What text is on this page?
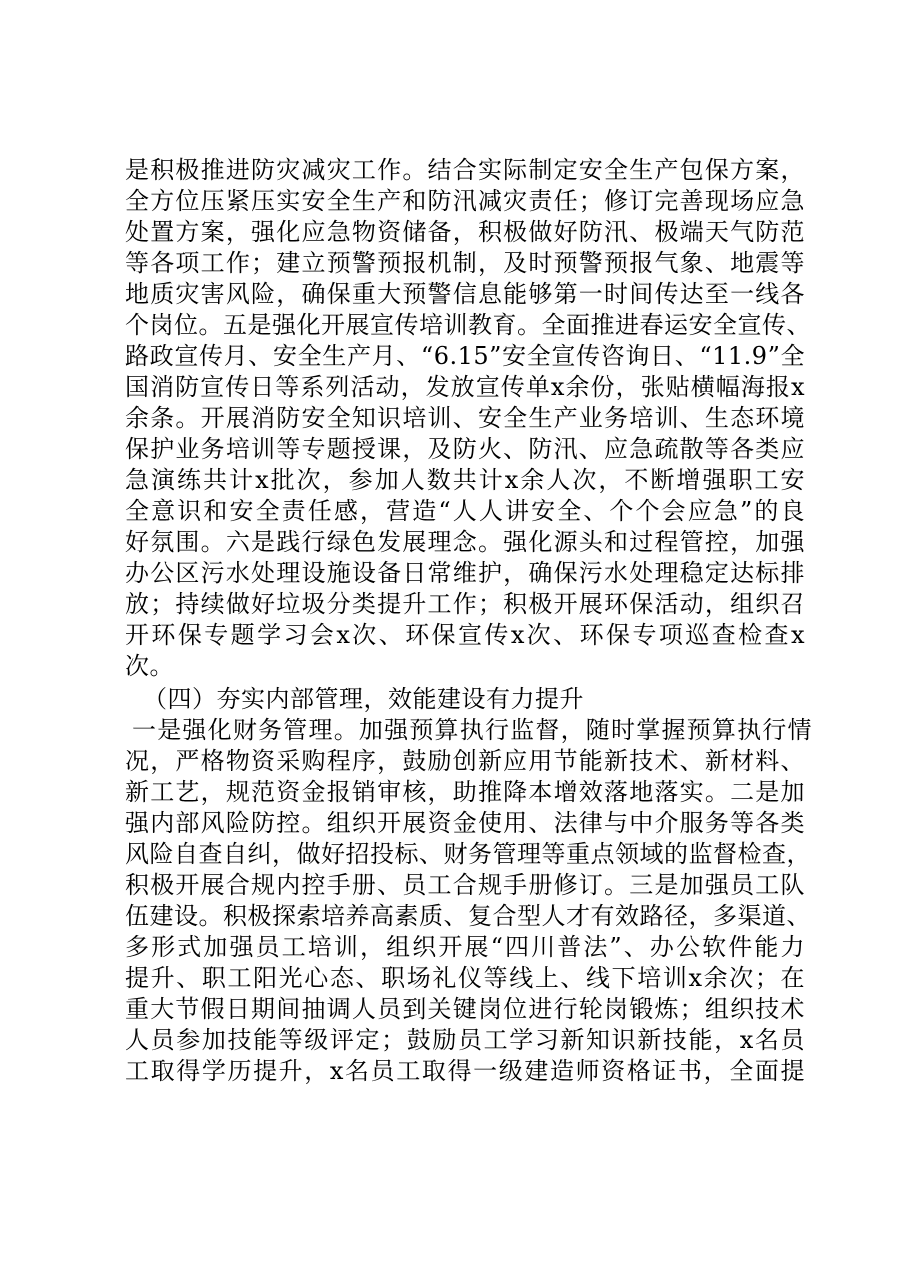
是积极推进防灾减灾工作。结合实际制定安全生产包保方案，
全方位压紧压实安全生产和防汛减灾责任；修订完善现场应急
处置方案，强化应急物资储备，积极做好防汛、极端天气防范
等各项工作；建立预警预报机制，及时预警预报气象、地震等
地质灾害风险，确保重大预警信息能够第一时间传达至一线各
个岗位。五是强化开展宣传培训教育。全面推进春运安全宣传、
路政宣传月、安全生产月、“6.15”安全宣传咨询日、“11.9”全
国消防宣传日等系列活动，发放宣传单x余份，张贴横幅海报x
余条。开展消防安全知识培训、安全生产业务培训、生态环境
保护业务培训等专题授课，及防火、防汛、应急疏散等各类应
急演练共计x批次，参加人数共计x余人次，不断增强职工安
全意识和安全责任感，营造“人人讲安全、个个会应急”的良
好氛围。六是践行绿色发展理念。强化源头和过程管控，加强
办公区污水处理设施设备日常维护，确保污水处理稳定达标排
放；持续做好垃圾分类提升工作；积极开展环保活动，组织召
开环保专题学习会x次、环保宣传x次、环保专项巡查检查x
次。
（四）夯实内部管理，效能建设有力提升
一是强化财务管理。加强预算执行监督，随时掌握预算执行情
况，严格物资采购程序，鼓励创新应用节能新技术、新材料、
新工艺，规范资金报销审核，助推降本增效落地落实。二是加
强内部风险防控。组织开展资金使用、法律与中介服务等各类
风险自查自纠，做好招投标、财务管理等重点领域的监督检查，
积极开展合规内控手册、员工合规手册修订。三是加强员工队
伍建设。积极探索培养高素质、复合型人才有效路径，多渠道、
多形式加强员工培训，组织开展“四川普法”、办公软件能力
提升、职工阳光心态、职场礼仪等线上、线下培训x余次；在
重大节假日期间抽调人员到关键岗位进行轮岗锻炼；组织技术
人员参加技能等级评定；鼓励员工学习新知识新技能，x名员
工取得学历提升，x名员工取得一级建造师资格证书，全面提
